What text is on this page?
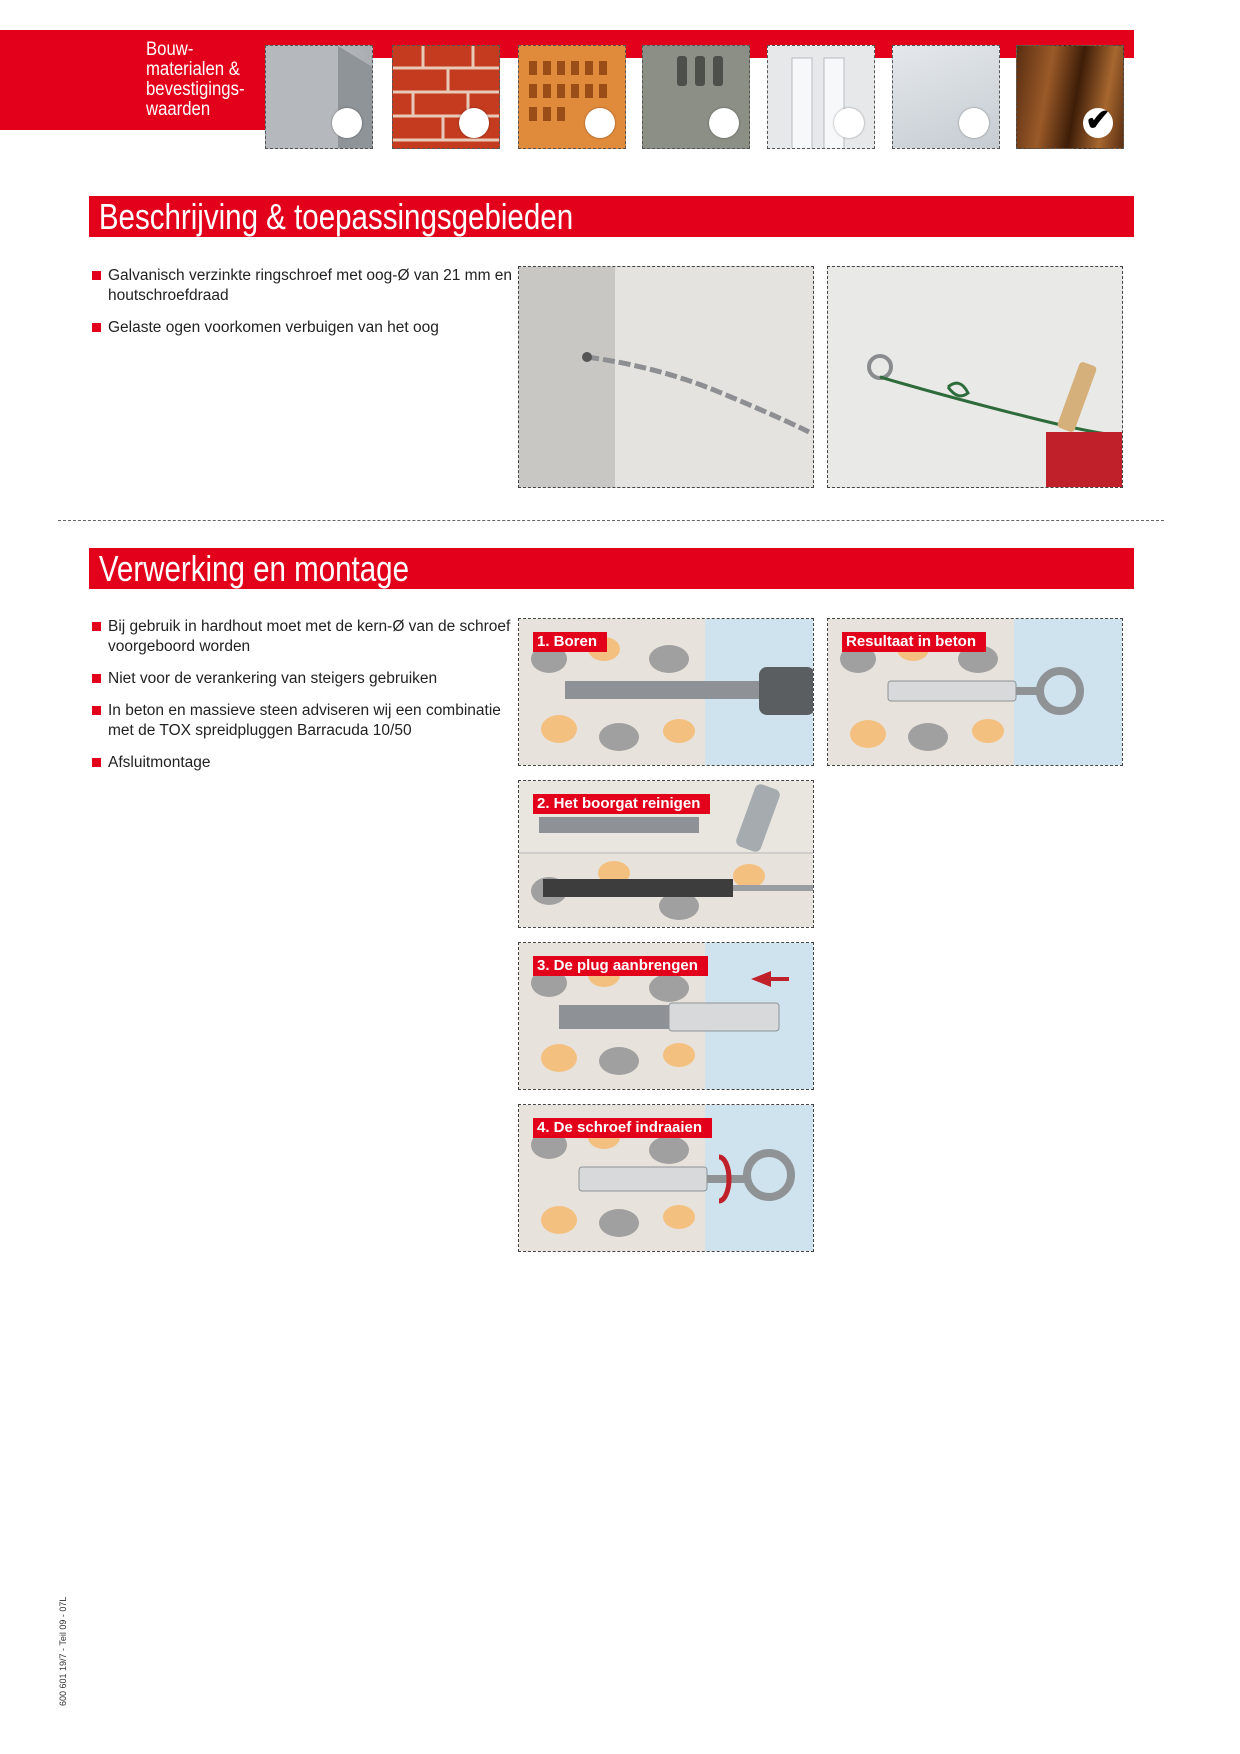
Bouw-
materialen &
bevestigings-
waarden	✔
Beschrijving & toepassingsgebieden
Galvanisch verzinkte ringschroef met oog-Ø van 21 mm en houtschroefdraad
Gelaste ogen voorkomen verbuigen van het oog
Verwerking en montage
Bij gebruik in hardhout moet met de kern-Ø van de schroef voorgeboord worden
Niet voor de verankering van steigers gebruiken
In beton en massieve steen adviseren wij een combinatie met de TOX spreidpluggen Barracuda 10/50
Afsluitmontage
1. Boren	Resultaat in beton
2. Het boorgat reinigen
3. De plug aanbrengen
4. De schroef indraaien
600 601 19/7 - Teil 09 - 07L
